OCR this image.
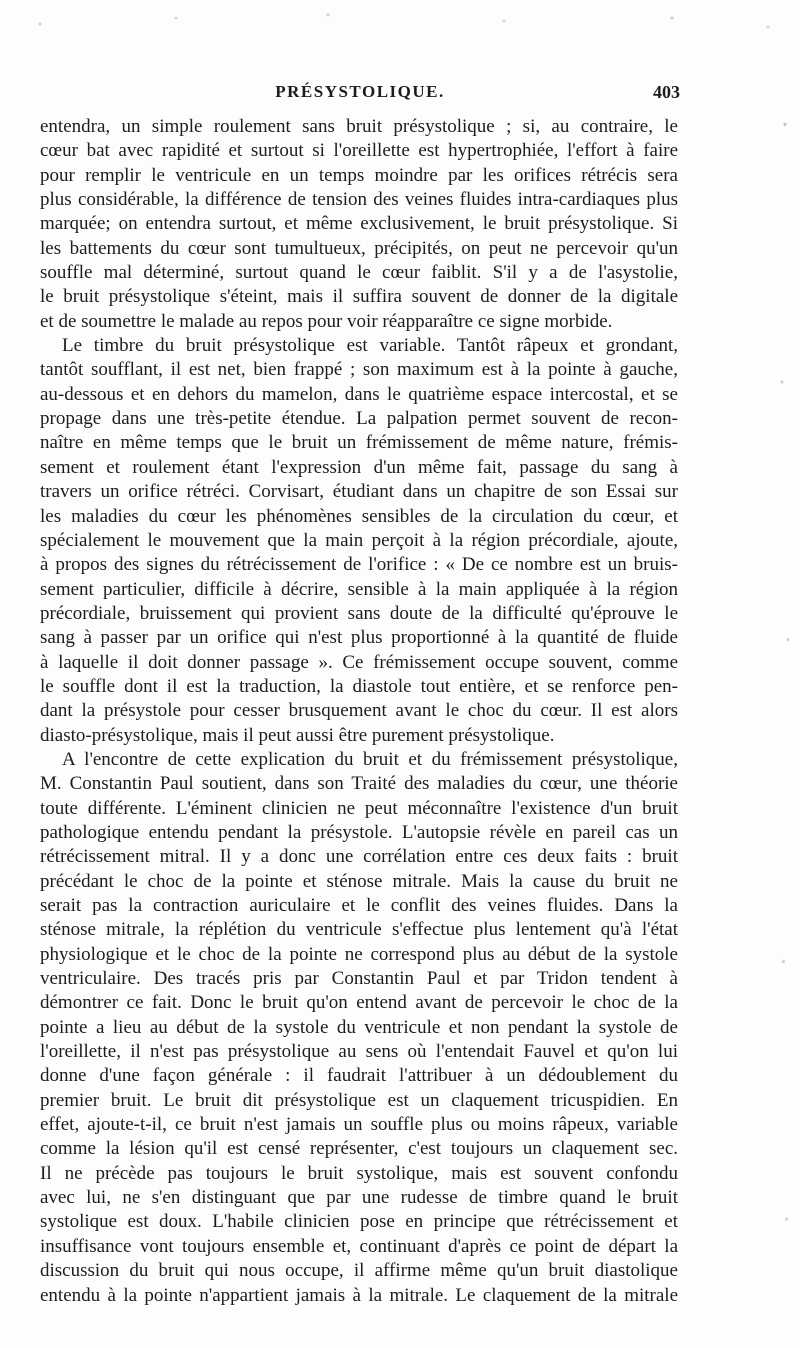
PRÉSYSTOLIQUE.	403
entendra, un simple roulement sans bruit présystolique ; si, au contraire, le
cœur bat avec rapidité et surtout si l'oreillette est hypertrophiée, l'effort à faire
pour remplir le ventricule en un temps moindre par les orifices rétrécis sera
plus considérable, la différence de tension des veines fluides intra-cardiaques plus
marquée; on entendra surtout, et même exclusivement, le bruit présystolique. Si
les battements du cœur sont tumultueux, précipités, on peut ne percevoir qu'un
souffle mal déterminé, surtout quand le cœur faiblit. S'il y a de l'asystolie,
le bruit présystolique s'éteint, mais il suffira souvent de donner de la digitale
et de soumettre le malade au repos pour voir réapparaître ce signe morbide.
Le timbre du bruit présystolique est variable. Tantôt râpeux et grondant,
tantôt soufflant, il est net, bien frappé ; son maximum est à la pointe à gauche,
au-dessous et en dehors du mamelon, dans le quatrième espace intercostal, et se
propage dans une très-petite étendue. La palpation permet souvent de recon-
naître en même temps que le bruit un frémissement de même nature, frémis-
sement et roulement étant l'expression d'un même fait, passage du sang à
travers un orifice rétréci. Corvisart, étudiant dans un chapitre de son Essai sur
les maladies du cœur les phénomènes sensibles de la circulation du cœur, et
spécialement le mouvement que la main perçoit à la région précordiale, ajoute,
à propos des signes du rétrécissement de l'orifice : « De ce nombre est un bruis-
sement particulier, difficile à décrire, sensible à la main appliquée à la région
précordiale, bruissement qui provient sans doute de la difficulté qu'éprouve le
sang à passer par un orifice qui n'est plus proportionné à la quantité de fluide
à laquelle il doit donner passage ». Ce frémissement occupe souvent, comme
le souffle dont il est la traduction, la diastole tout entière, et se renforce pen-
dant la présystole pour cesser brusquement avant le choc du cœur. Il est alors
diasto-présystolique, mais il peut aussi être purement présystolique.
A l'encontre de cette explication du bruit et du frémissement présystolique,
M. Constantin Paul soutient, dans son Traité des maladies du cœur, une théorie
toute différente. L'éminent clinicien ne peut méconnaître l'existence d'un bruit
pathologique entendu pendant la présystole. L'autopsie révèle en pareil cas un
rétrécissement mitral. Il y a donc une corrélation entre ces deux faits : bruit
précédant le choc de la pointe et sténose mitrale. Mais la cause du bruit ne
serait pas la contraction auriculaire et le conflit des veines fluides. Dans la
sténose mitrale, la réplétion du ventricule s'effectue plus lentement qu'à l'état
physiologique et le choc de la pointe ne correspond plus au début de la systole
ventriculaire. Des tracés pris par Constantin Paul et par Tridon tendent à
démontrer ce fait. Donc le bruit qu'on entend avant de percevoir le choc de la
pointe a lieu au début de la systole du ventricule et non pendant la systole de
l'oreillette, il n'est pas présystolique au sens où l'entendait Fauvel et qu'on lui
donne d'une façon générale : il faudrait l'attribuer à un dédoublement du
premier bruit. Le bruit dit présystolique est un claquement tricuspidien. En
effet, ajoute-t-il, ce bruit n'est jamais un souffle plus ou moins râpeux, variable
comme la lésion qu'il est censé représenter, c'est toujours un claquement sec.
Il ne précède pas toujours le bruit systolique, mais est souvent confondu
avec lui, ne s'en distinguant que par une rudesse de timbre quand le bruit
systolique est doux. L'habile clinicien pose en principe que rétrécissement et
insuffisance vont toujours ensemble et, continuant d'après ce point de départ la
discussion du bruit qui nous occupe, il affirme même qu'un bruit diastolique
entendu à la pointe n'appartient jamais à la mitrale. Le claquement de la mitrale
